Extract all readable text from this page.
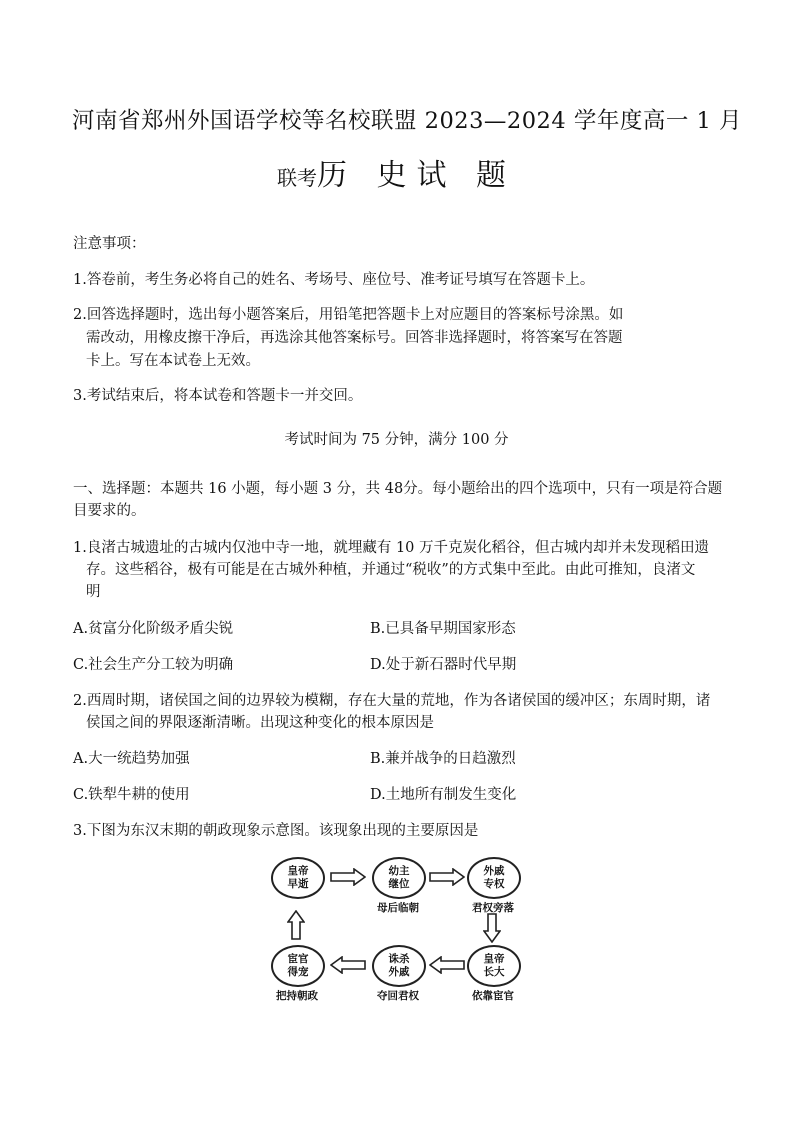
河南省郑州外国语学校等名校联盟 2023—2024 学年度高一 1 月
联考历 史试 题
注意事项：
1.答卷前，考生务必将自己的姓名、考场号、座位号、准考证号填写在答题卡上。
2.回答选择题时，选出每小题答案后，用铅笔把答题卡上对应题目的答案标号涂黑。如
需改动，用橡皮擦干净后，再选涂其他答案标号。回答非选择题时，将答案写在答题
卡上。写在本试卷上无效。
3.考试结束后，将本试卷和答题卡一并交回。
考试时间为 75 分钟，满分 100 分
一、选择题：本题共 16 小题，每小题 3 分，共 48分。每小题给出的四个选项中，只有一项是符合题
目要求的。
1.良渚古城遗址的古城内仅池中寺一地，就埋藏有 10 万千克炭化稻谷，但古城内却并未发现稻田遗
存。这些稻谷，极有可能是在古城外种植，并通过“税收”的方式集中至此。由此可推知，良渚文
明
A.贫富分化阶级矛盾尖锐	B.已具备早期国家形态
C.社会生产分工较为明确	D.处于新石器时代早期
2.西周时期，诸侯国之间的边界较为模糊，存在大量的荒地，作为各诸侯国的缓冲区；东周时期，诸
侯国之间的界限逐渐清晰。出现这种变化的根本原因是
A.大一统趋势加强	B.兼并战争的日趋激烈
C.铁犁牛耕的使用	D.土地所有制发生变化
3.下图为东汉末期的朝政现象示意图。该现象出现的主要原因是
皇帝
早逝
幼主
继位
母后临朝
外戚
专权
君权旁落
宦官
得宠
把持朝政
诛杀
外戚
夺回君权
皇帝
长大
依靠宦官
